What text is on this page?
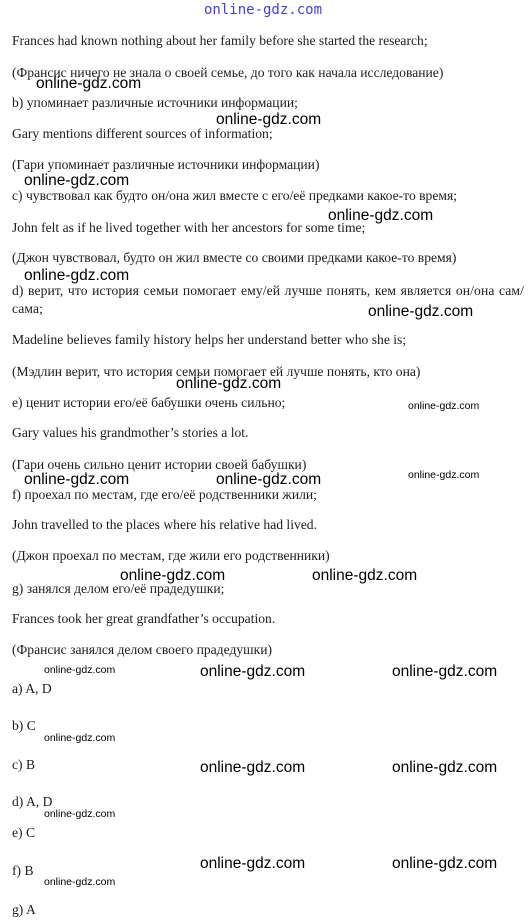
online-gdz.com
Frances had known nothing about her family before she started the research;
(Франсис ничего не знала о своей семье, до того как начала исследование)
b) упоминает различные источники информации;
Gary mentions different sources of information;
(Гари упоминает различные источники информации)
c) чувствовал как будто он/она жил вместе с его/её предками какое-то время;
John felt as if he lived together with her ancestors for some time;
(Джон чувствовал, будто он жил вместе со своими предками какое-то время)
d) верит, что история семьи помогает ему/ей лучше понять, кем является он/она сам/сама;
Madeline believes family history helps her understand better who she is;
(Мэдлин верит, что история семьи помогает ей лучше понять, кто она)
e) ценит истории его/её бабушки очень сильно;
Gary values his grandmother’s stories a lot.
(Гари очень сильно ценит истории своей бабушки)
f) проехал по местам, где его/её родственники жили;
John travelled to the places where his relative had lived.
(Джон проехал по местам, где жили его родственники)
g) занялся делом его/её прадедушки;
Frances took her great grandfather’s occupation.
(Франсис занялся делом своего прадедушки)
a) A, D
b) C
c) B
d) A, D
e) C
f) B
g) A
online-gdz.com
online-gdz.com
online-gdz.com
online-gdz.com
online-gdz.com
online-gdz.com
online-gdz.com
online-gdz.com
online-gdz.com
online-gdz.com	online-gdz.com
online-gdz.com	online-gdz.com
online-gdz.com	online-gdz.com	online-gdz.com
online-gdz.com
online-gdz.com	online-gdz.com
online-gdz.com
online-gdz.com	online-gdz.com
online-gdz.com
